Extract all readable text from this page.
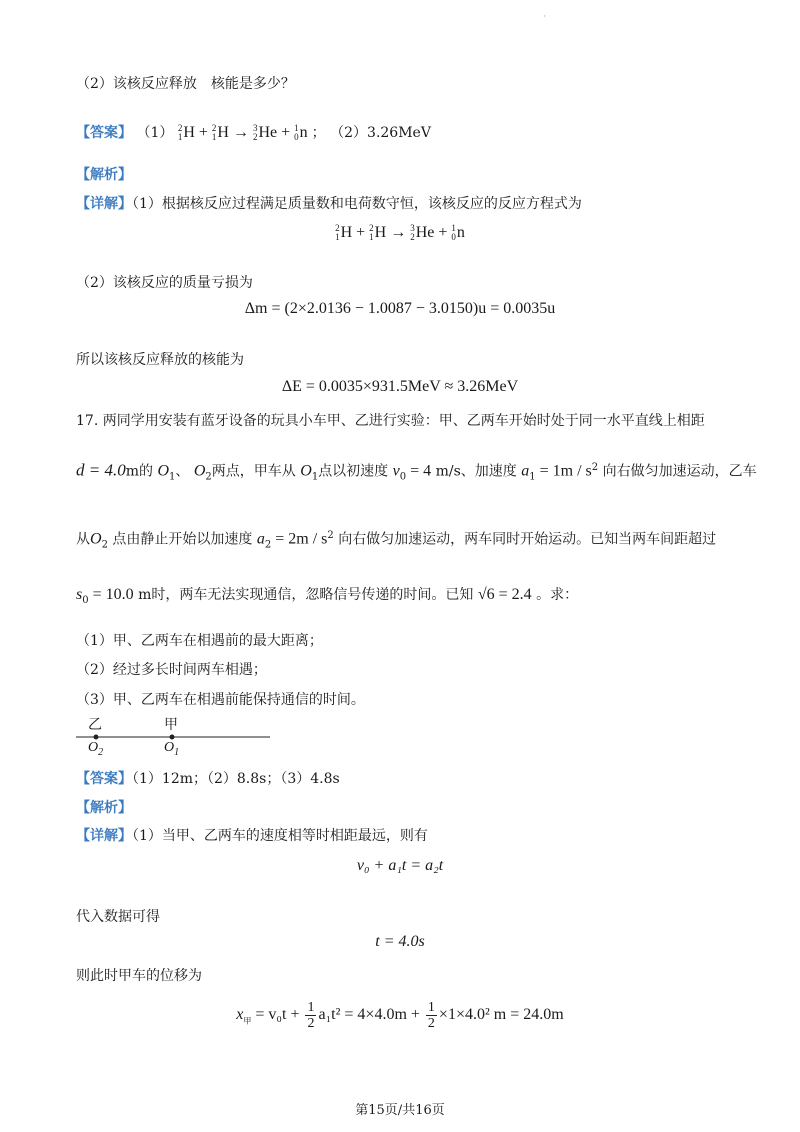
·
（2）该核反应释放　核能是多少？
【答案】 （1） 2
1 H + 2
1 H → 3
2 He + 1
0 n ； （2）3.26MeV
【解析】
【详解】（1）根据核反应过程满足质量数和电荷数守恒，该核反应的反应方程式为
2
1 H + 2
1 H → 3
2 He + 1
0 n
（2）该核反应的质量亏损为
Δm = (2×2.0136 − 1.0087 − 3.0150)u = 0.0035u
所以该核反应释放的核能为
ΔE = 0.0035×931.5MeV ≈ 3.26MeV
17. 两同学用安装有蓝牙设备的玩具小车甲、乙进行实验：甲、乙两车开始时处于同一水平直线上相距
d = 4.0m的 $O_1$、 $O_2$两点，甲车从 $O_1$点以初速度 $v_0 = 4$ m/s、加速度 $a_1 = 1m / s^2$ 向右做匀加速运动，乙车
从$O_2$ 点由静止开始以加速度 $a_2 = 2m / s^2$ 向右做匀加速运动，两车同时开始运动。已知当两车间距超过
$s_0 = 10.0$ m时，两车无法实现通信，忽略信号传递的时间。已知 √6 = 2.4 。求：
（1）甲、乙两车在相遇前的最大距离；
（2）经过多长时间两车相遇；
（3）甲、乙两车在相遇前能保持通信的时间。
乙	甲
$O_2$	$O_1$
【答案】（1）12m；（2）8.8s；（3）4.8s
【解析】
【详解】（1）当甲、乙两车的速度相等时相距最远，则有
v₀ + a₁t = a₂t
代入数据可得
t = 4.0s
则此时甲车的位移为
$x_甲 = v_0t + \frac{1}{2} a_1t^2 = 4\times 4.0m + \frac{1}{2} \times 1\times 4.0^2$ m = 24.0m
第15页/共16页
